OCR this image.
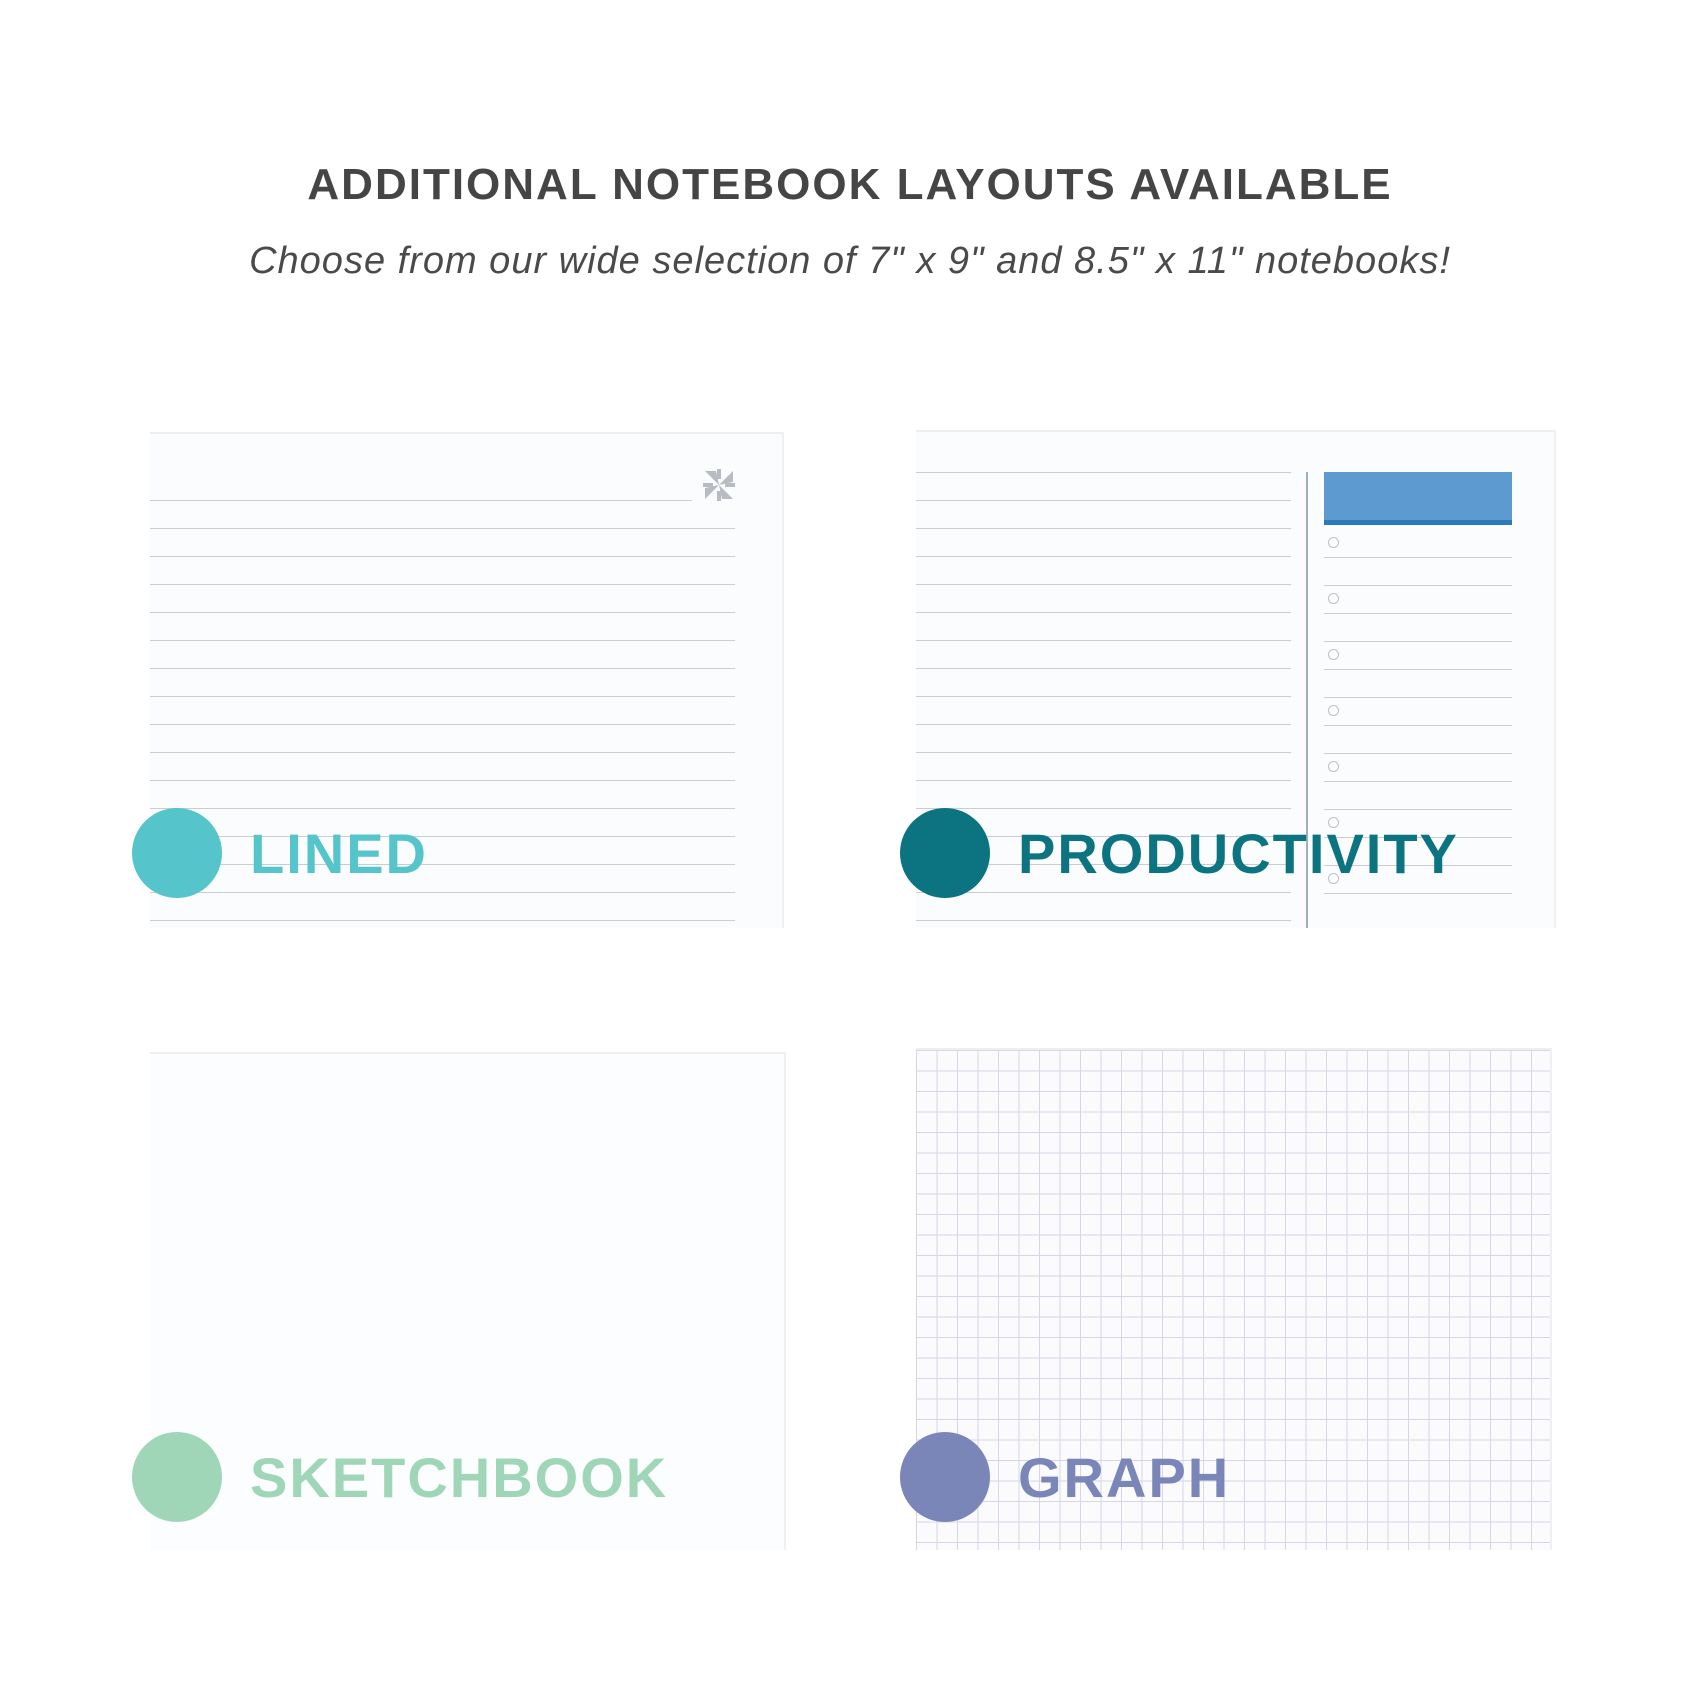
ADDITIONAL NOTEBOOK LAYOUTS AVAILABLE
Choose from our wide selection of 7" x 9" and 8.5" x 11" notebooks!
LINED	PRODUCTIVITY
SKETCHBOOK	GRAPH
